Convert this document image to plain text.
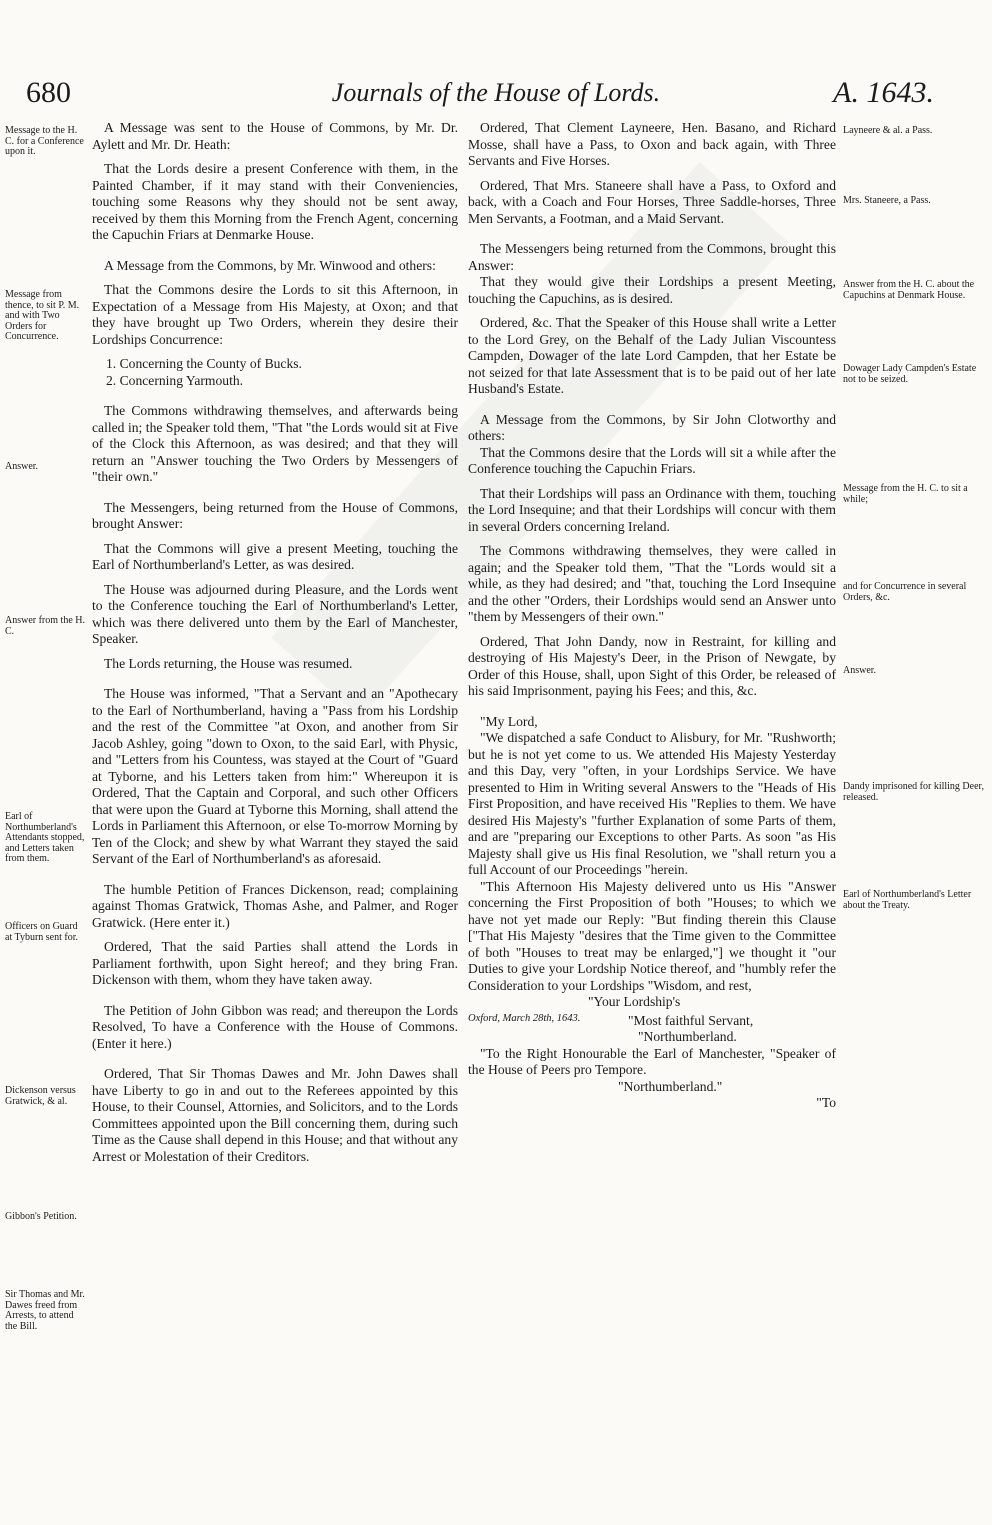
680	Journals of the House of Lords.	A. 1643.
Message to the H. C. for a Conference upon it.
Message from thence, to sit P. M. and with Two Orders for Concurrence.
Answer.
Answer from the H. C.
Earl of Northumberland's Attendants stopped, and Letters taken from them.
Officers on Guard at Tyburn sent for.
Dickenson versus Gratwick, & al.
Gibbon's Petition.
Sir Thomas and Mr. Dawes freed from Arrests, to attend the Bill.
Layneere & al. a Pass.
Mrs. Staneere, a Pass.
Answer from the H. C. about the Capuchins at Denmark House.
Dowager Lady Campden's Estate not to be seized.
Message from the H. C. to sit a while;
and for Concurrence in several Orders, &c.
Answer.
Dandy imprisoned for killing Deer, released.
Earl of Northumberland's Letter about the Treaty.

A Message was sent to the House of Commons, by Mr. Dr. Aylett and Mr. Dr. Heath:

That the Lords desire a present Conference with them, in the Painted Chamber, if it may stand with their Conveniencies, touching some Reasons why they should not be sent away, received by them this Morning from the French Agent, concerning the Capuchin Friars at Denmarke House.

A Message from the Commons, by Mr. Winwood and others:

That the Commons desire the Lords to sit this Afternoon, in Expectation of a Message from His Majesty, at Oxon; and that they have brought up Two Orders, wherein they desire their Lordships Concurrence:

1. Concerning the County of Bucks.

2. Concerning Yarmouth.

The Commons withdrawing themselves, and afterwards being called in; the Speaker told them, "That "the Lords would sit at Five of the Clock this Afternoon, as was desired; and that they will return an "Answer touching the Two Orders by Messengers of "their own."

The Messengers, being returned from the House of Commons, brought Answer:

That the Commons will give a present Meeting, touching the Earl of Northumberland's Letter, as was desired.

The House was adjourned during Pleasure, and the Lords went to the Conference touching the Earl of Northumberland's Letter, which was there delivered unto them by the Earl of Manchester, Speaker.

The Lords returning, the House was resumed.

The House was informed, "That a Servant and an "Apothecary to the Earl of Northumberland, having a "Pass from his Lordship and the rest of the Committee "at Oxon, and another from Sir Jacob Ashley, going "down to Oxon, to the said Earl, with Physic, and "Letters from his Countess, was stayed at the Court of "Guard at Tyborne, and his Letters taken from him:" Whereupon it is Ordered, That the Captain and Corporal, and such other Officers that were upon the Guard at Tyborne this Morning, shall attend the Lords in Parliament this Afternoon, or else To-morrow Morning by Ten of the Clock; and shew by what Warrant they stayed the said Servant of the Earl of Northumberland's as aforesaid.

The humble Petition of Frances Dickenson, read; complaining against Thomas Gratwick, Thomas Ashe, and Palmer, and Roger Gratwick. (Here enter it.)

Ordered, That the said Parties shall attend the Lords in Parliament forthwith, upon Sight hereof; and they bring Fran. Dickenson with them, whom they have taken away.

The Petition of John Gibbon was read; and thereupon the Lords Resolved, To have a Conference with the House of Commons. (Enter it here.)

Ordered, That Sir Thomas Dawes and Mr. John Dawes shall have Liberty to go in and out to the Referees appointed by this House, to their Counsel, Attornies, and Solicitors, and to the Lords Committees appointed upon the Bill concerning them, during such Time as the Cause shall depend in this House; and that without any Arrest or Molestation of their Creditors.

Ordered, That Clement Layneere, Hen. Basano, and Richard Mosse, shall have a Pass, to Oxon and back again, with Three Servants and Five Horses.

Ordered, That Mrs. Staneere shall have a Pass, to Oxford and back, with a Coach and Four Horses, Three Saddle-horses, Three Men Servants, a Footman, and a Maid Servant.

The Messengers being returned from the Commons, brought this Answer:

That they would give their Lordships a present Meeting, touching the Capuchins, as is desired.

Ordered, &c. That the Speaker of this House shall write a Letter to the Lord Grey, on the Behalf of the Lady Julian Viscountess Campden, Dowager of the late Lord Campden, that her Estate be not seized for that late Assessment that is to be paid out of her late Husband's Estate.

A Message from the Commons, by Sir John Clotworthy and others:

That the Commons desire that the Lords will sit a while after the Conference touching the Capuchin Friars.

That their Lordships will pass an Ordinance with them, touching the Lord Insequine; and that their Lordships will concur with them in several Orders concerning Ireland.

The Commons withdrawing themselves, they were called in again; and the Speaker told them, "That the "Lords would sit a while, as they had desired; and "that, touching the Lord Insequine and the other "Orders, their Lordships would send an Answer unto "them by Messengers of their own."

Ordered, That John Dandy, now in Restraint, for killing and destroying of His Majesty's Deer, in the Prison of Newgate, by Order of this House, shall, upon Sight of this Order, be released of his said Imprisonment, paying his Fees; and this, &c.

"My Lord,

"We dispatched a safe Conduct to Alisbury, for Mr. "Rushworth; but he is not yet come to us. We attended His Majesty Yesterday and this Day, very "often, in your Lordships Service. We have presented to Him in Writing several Answers to the "Heads of His First Proposition, and have received His "Replies to them. We have desired His Majesty's "further Explanation of some Parts of them, and are "preparing our Exceptions to other Parts. As soon "as His Majesty shall give us His final Resolution, we "shall return you a full Account of our Proceedings "herein.

"This Afternoon His Majesty delivered unto us His "Answer concerning the First Proposition of both "Houses; to which we have not yet made our Reply: "But finding therein this Clause ["That His Majesty "desires that the Time given to the Committee of both "Houses to treat may be enlarged,"] we thought it "our Duties to give your Lordship Notice thereof, and "humbly refer the Consideration to your Lordships "Wisdom, and rest,

"Your Lordship's

Oxford, March 28th, 1643.	"Most faithful Servant,

"Northumberland.

"To the Right Honourable the Earl of Manchester, "Speaker of the House of Peers pro Tempore.

"Northumberland."

"To
